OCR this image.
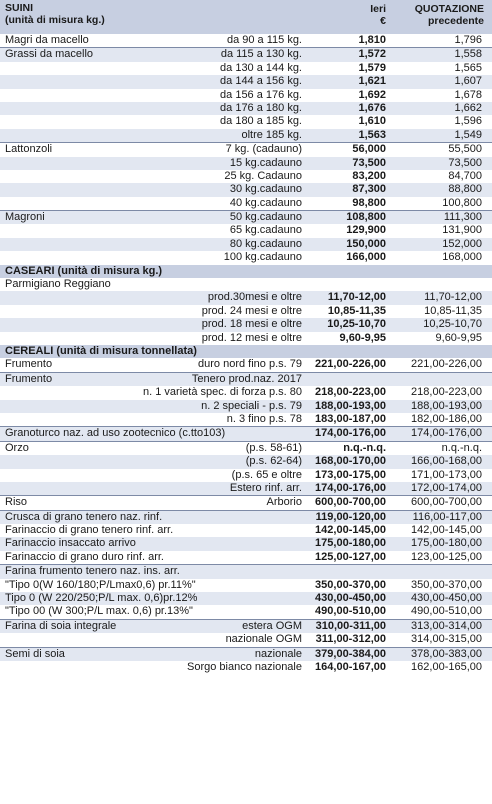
SUINI
(unità di misura kg.)
Ieri
€
QUOTAZIONE
precedente
Magri da macello	da 90 a 115 kg.	1,810	1,796
Grassi da macello	da 115 a 130 kg.	1,572	1,558
da 130 a 144 kg.	1,579	1,565
da 144 a 156 kg.	1,621	1,607
da 156 a 176 kg.	1,692	1,678
da 176 a 180 kg.	1,676	1,662
da 180 a 185 kg.	1,610	1,596
oltre 185 kg.	1,563	1,549
Lattonzoli	7 kg. (cadauno)	56,000	55,500
15 kg.cadauno	73,500	73,500
25 kg. Cadauno	83,200	84,700
30 kg.cadauno	87,300	88,800
40 kg.cadauno	98,800	100,800
Magroni	50 kg.cadauno	108,800	111,300
65 kg.cadauno	129,900	131,900
80 kg.cadauno	150,000	152,000
100 kg.cadauno	166,000	168,000
CASEARI (unità di misura kg.)
Parmigiano Reggiano
prod.30mesi e oltre	11,70-12,00	11,70-12,00
prod. 24 mesi e oltre	10,85-11,35	10,85-11,35
prod. 18 mesi e oltre	10,25-10,70	10,25-10,70
prod. 12 mesi e oltre	9,60-9,95	9,60-9,95
CEREALI (unità di misura tonnellata)
Frumento	duro nord fino p.s. 79	221,00-226,00 221,00-226,00
Frumento	Tenero prod.naz. 2017
n. 1 varietà spec. di forza p.s. 80	218,00-223,00 218,00-223,00
n. 2 speciali - p.s. 79	188,00-193,00 188,00-193,00
n. 3 fino p.s. 78	183,00-187,00 182,00-186,00
Granoturco naz. ad uso zootecnico (c.tto103)	174,00-176,00 174,00-176,00
Orzo	(p.s. 58-61)	n.q.-n.q.	n.q.-n.q.
(p.s. 62-64)	168,00-170,00 166,00-168,00
(p.s. 65 e oltre	173,00-175,00 171,00-173,00
Estero rinf. arr.	174,00-176,00 172,00-174,00
Riso	Arborio	600,00-700,00 600,00-700,00
Crusca di grano tenero naz. rinf.	119,00-120,00 116,00-117,00
Farinaccio di grano tenero rinf. arr.	142,00-145,00 142,00-145,00
Farinaccio insaccato arrivo	175,00-180,00 175,00-180,00
Farinaccio di grano duro rinf. arr.	125,00-127,00 123,00-125,00
Farina frumento tenero naz. ins. arr.
"Tipo 0(W 160/180;P/Lmax0,6) pr.11%"	350,00-370,00 350,00-370,00
Tipo 0 (W 220/250;P/L max. 0,6)pr.12%	430,00-450,00 430,00-450,00
"Tipo 00 (W 300;P/L max. 0,6) pr.13%"	490,00-510,00 490,00-510,00
Farina di soia integrale	estera OGM	310,00-311,00 313,00-314,00
nazionale OGM	311,00-312,00 314,00-315,00
Semi di soia	nazionale	379,00-384,00 378,00-383,00
Sorgo bianco nazionale	164,00-167,00 162,00-165,00
